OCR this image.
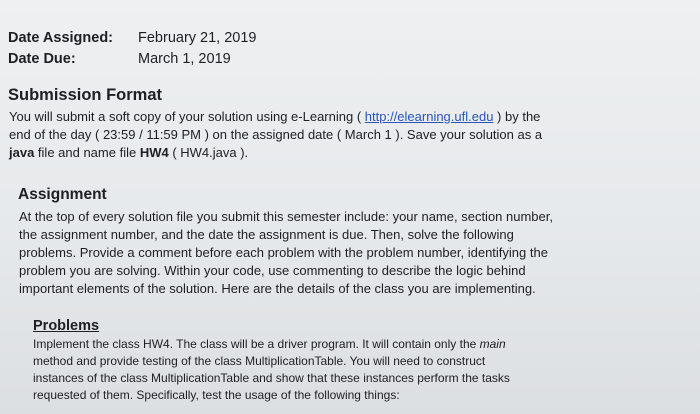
Date Assigned: February 21, 2019
Date Due:	March 1, 2019
Submission Format
You will submit a soft copy of your solution using e-Learning ( http://elearning.ufl.edu ) by the
end of the day ( 23:59 / 11:59 PM ) on the assigned date ( March 1 ). Save your solution as a
java file and name file HW4 ( HW4.java ).
Assignment
At the top of every solution file you submit this semester include: your name, section number,
the assignment number, and the date the assignment is due. Then, solve the following
problems. Provide a comment before each problem with the problem number, identifying the
problem you are solving. Within your code, use commenting to describe the logic behind
important elements of the solution. Here are the details of the class you are implementing.
Problems
Implement the class HW4. The class will be a driver program. It will contain only the main
method and provide testing of the class MultiplicationTable. You will need to construct
instances of the class MultiplicationTable and show that these instances perform the tasks
requested of them. Specifically, test the usage of the following things:
